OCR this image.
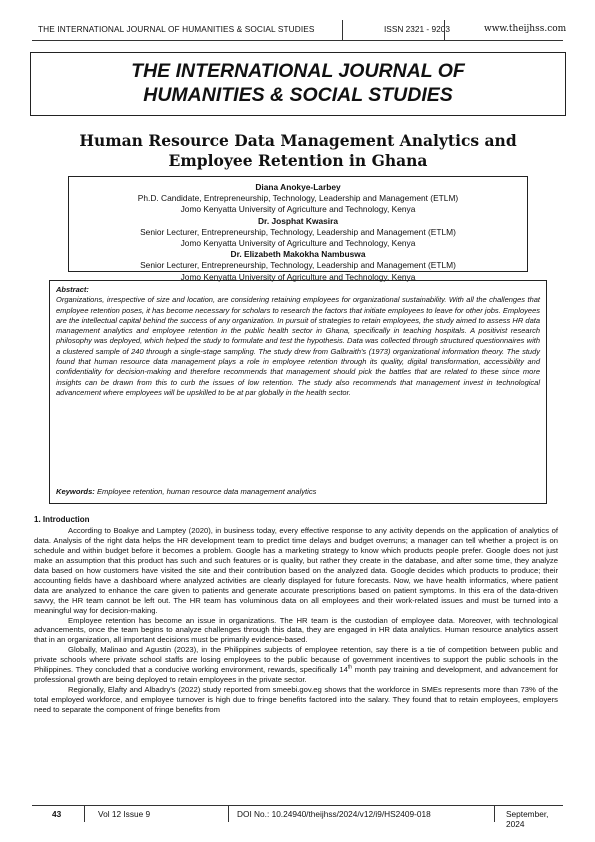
THE INTERNATIONAL JOURNAL OF HUMANITIES & SOCIAL STUDIES	ISSN 2321 - 9203	www.theijhss.com
THE INTERNATIONAL JOURNAL OF
HUMANITIES & SOCIAL STUDIES
Human Resource Data Management Analytics and
Employee Retention in Ghana
Diana Anokye-Larbey
Ph.D. Candidate, Entrepreneurship, Technology, Leadership and Management (ETLM)
Jomo Kenyatta University of Agriculture and Technology, Kenya
Dr. Josphat Kwasira
Senior Lecturer, Entrepreneurship, Technology, Leadership and Management (ETLM)
Jomo Kenyatta University of Agriculture and Technology, Kenya
Dr. Elizabeth Makokha Nambuswa
Senior Lecturer, Entrepreneurship, Technology, Leadership and Management (ETLM)
Jomo Kenyatta University of Agriculture and Technology, Kenya
Abstract:
Organizations, irrespective of size and location, are considering retaining employees for organizational sustainability. With all the challenges that employee retention poses, it has become necessary for scholars to research the factors that initiate employees to leave for other jobs. Employees are the intellectual capital behind the success of any organization. In pursuit of strategies to retain employees, the study aimed to assess HR data management analytics and employee retention in the public health sector in Ghana, specifically in teaching hospitals. A positivist research philosophy was deployed, which helped the study to formulate and test the hypothesis. Data was collected through structured questionnaires with a clustered sample of 240 through a single-stage sampling. The study drew from Galbraith's (1973) organizational information theory. The study found that human resource data management plays a role in employee retention through its quality, digital transformation, accessibility and confidentiality for decision-making and therefore recommends that management should pick the battles that are related to these since more insights can be drawn from this to curb the issues of low retention. The study also recommends that management invest in technological advancement where employees will be upskilled to be at par globally in the health sector.
Keywords: Employee retention, human resource data management analytics
1. Introduction

According to Boakye and Lamptey (2020), in business today, every effective response to any activity depends on the application of analytics of data. Analysis of the right data helps the HR development team to predict time delays and budget overruns; a manager can tell whether a project is on schedule and within budget before it becomes a problem. Google has a marketing strategy to know which products people prefer. Google does not just make an assumption that this product has such and such features or is quality, but rather they create in the database, and after some time, they analyze data based on how customers have visited the site and their contribution based on the analyzed data. Google decides which products to produce; their accounting fields have a dashboard where analyzed activities are clearly displayed for future forecasts. Now, we have health informatics, where patient data are analyzed to enhance the care given to patients and generate accurate prescriptions based on patient symptoms. In this era of the data-driven savvy, the HR team cannot be left out. The HR team has voluminous data on all employees and their work-related issues and must be turned into a meaningful way for decision-making.

Employee retention has become an issue in organizations. The HR team is the custodian of employee data. Moreover, with technological advancements, once the team begins to analyze challenges through this data, they are engaged in HR data analytics. Human resource analytics assert that in an organization, all important decisions must be primarily evidence-based.

Globally, Malinao and Agustin (2023), in the Philippines subjects of employee retention, say there is a tie of competition between public and private schools where private school staffs are losing employees to the public because of government incentives to support the public schools in the Philippines. They concluded that a conducive working environment, rewards, specifically 14th month pay training and development, and advancement for professional growth are being deployed to retain employees in the private sector.

Regionally, Elafty and Albadry's (2022) study reported from smeebi.gov.eg shows that the workforce in SMEs represents more than 73% of the total employed workforce, and employee turnover is high due to fringe benefits factored into the salary. They found that to retain employees, employers need to separate the component of fringe benefits from

43	Vol 12 Issue 9	DOI No.: 10.24940/theijhss/2024/v12/i9/HS2409-018	September, 2024
